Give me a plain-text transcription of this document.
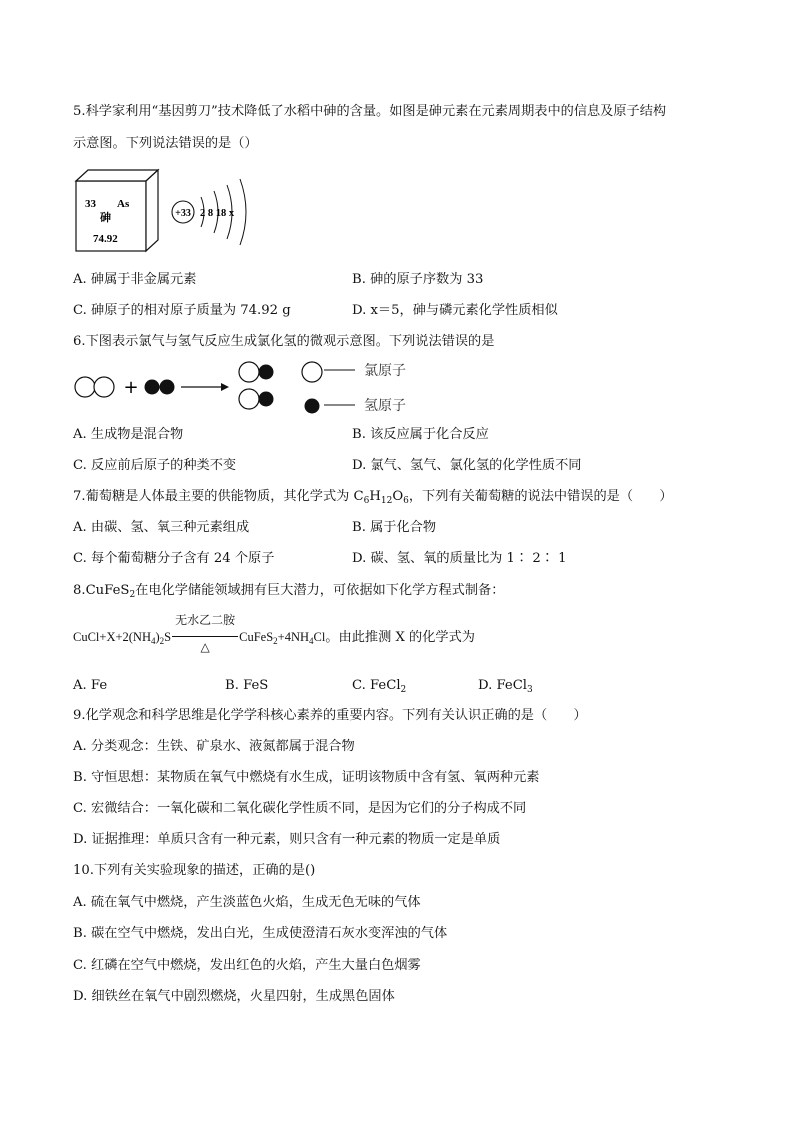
5.科学家利用“基因剪刀”技术降低了水稻中砷的含量。如图是砷元素在元素周期表中的信息及原子结构
示意图。下列说法错误的是（）
33 As
砷
74.92
+33 2 8 18 x
A. 砷属于非金属元素	B. 砷的原子序数为 33
C. 砷原子的相对原子质量为 74.92 g	D. x＝5，砷与磷元素化学性质相似
6.下图表示氯气与氢气反应生成氯化氢的微观示意图。下列说法错误的是
+
氯原子
氢原子
A. 生成物是混合物	B. 该反应属于化合反应
C. 反应前后原子的种类不变	D. 氯气、氢气、氯化氢的化学性质不同
7.葡萄糖是人体最主要的供能物质，其化学式为 $C_6H_{12}O_6$，下列有关葡萄糖的说法中错误的是（　　）
A. 由碳、氢、氧三种元素组成	B. 属于化合物
C. 每个葡萄糖分子含有 24 个原子	D. 碳、氢、氧的质量比为 1∶ 2∶ 1
8.CuFeS$_2$在电化学储能领域拥有巨大潜力，可依据如下化学方程式制备：
$CuCl+X+2(NH_4)_2S$
无水乙二胺
△
$CuFeS_2+4NH_4Cl$。由此推测 X 的化学式为
A. Fe	B. FeS	C. FeCl$_2$	D. FeCl$_3$
9.化学观念和科学思维是化学学科核心素养的重要内容。下列有关认识正确的是（　　）
A. 分类观念：生铁、矿泉水、液氮都属于混合物
B. 守恒思想：某物质在氧气中燃烧有水生成，证明该物质中含有氢、氧两种元素
C. 宏微结合：一氧化碳和二氧化碳化学性质不同，是因为它们的分子构成不同
D. 证据推理：单质只含有一种元素，则只含有一种元素的物质一定是单质
10.下列有关实验现象的描述，正确的是()
A. 硫在氧气中燃烧，产生淡蓝色火焰，生成无色无味的气体
B. 碳在空气中燃烧，发出白光，生成使澄清石灰水变浑浊的气体
C. 红磷在空气中燃烧，发出红色的火焰，产生大量白色烟雾
D. 细铁丝在氧气中剧烈燃烧，火星四射，生成黑色固体
